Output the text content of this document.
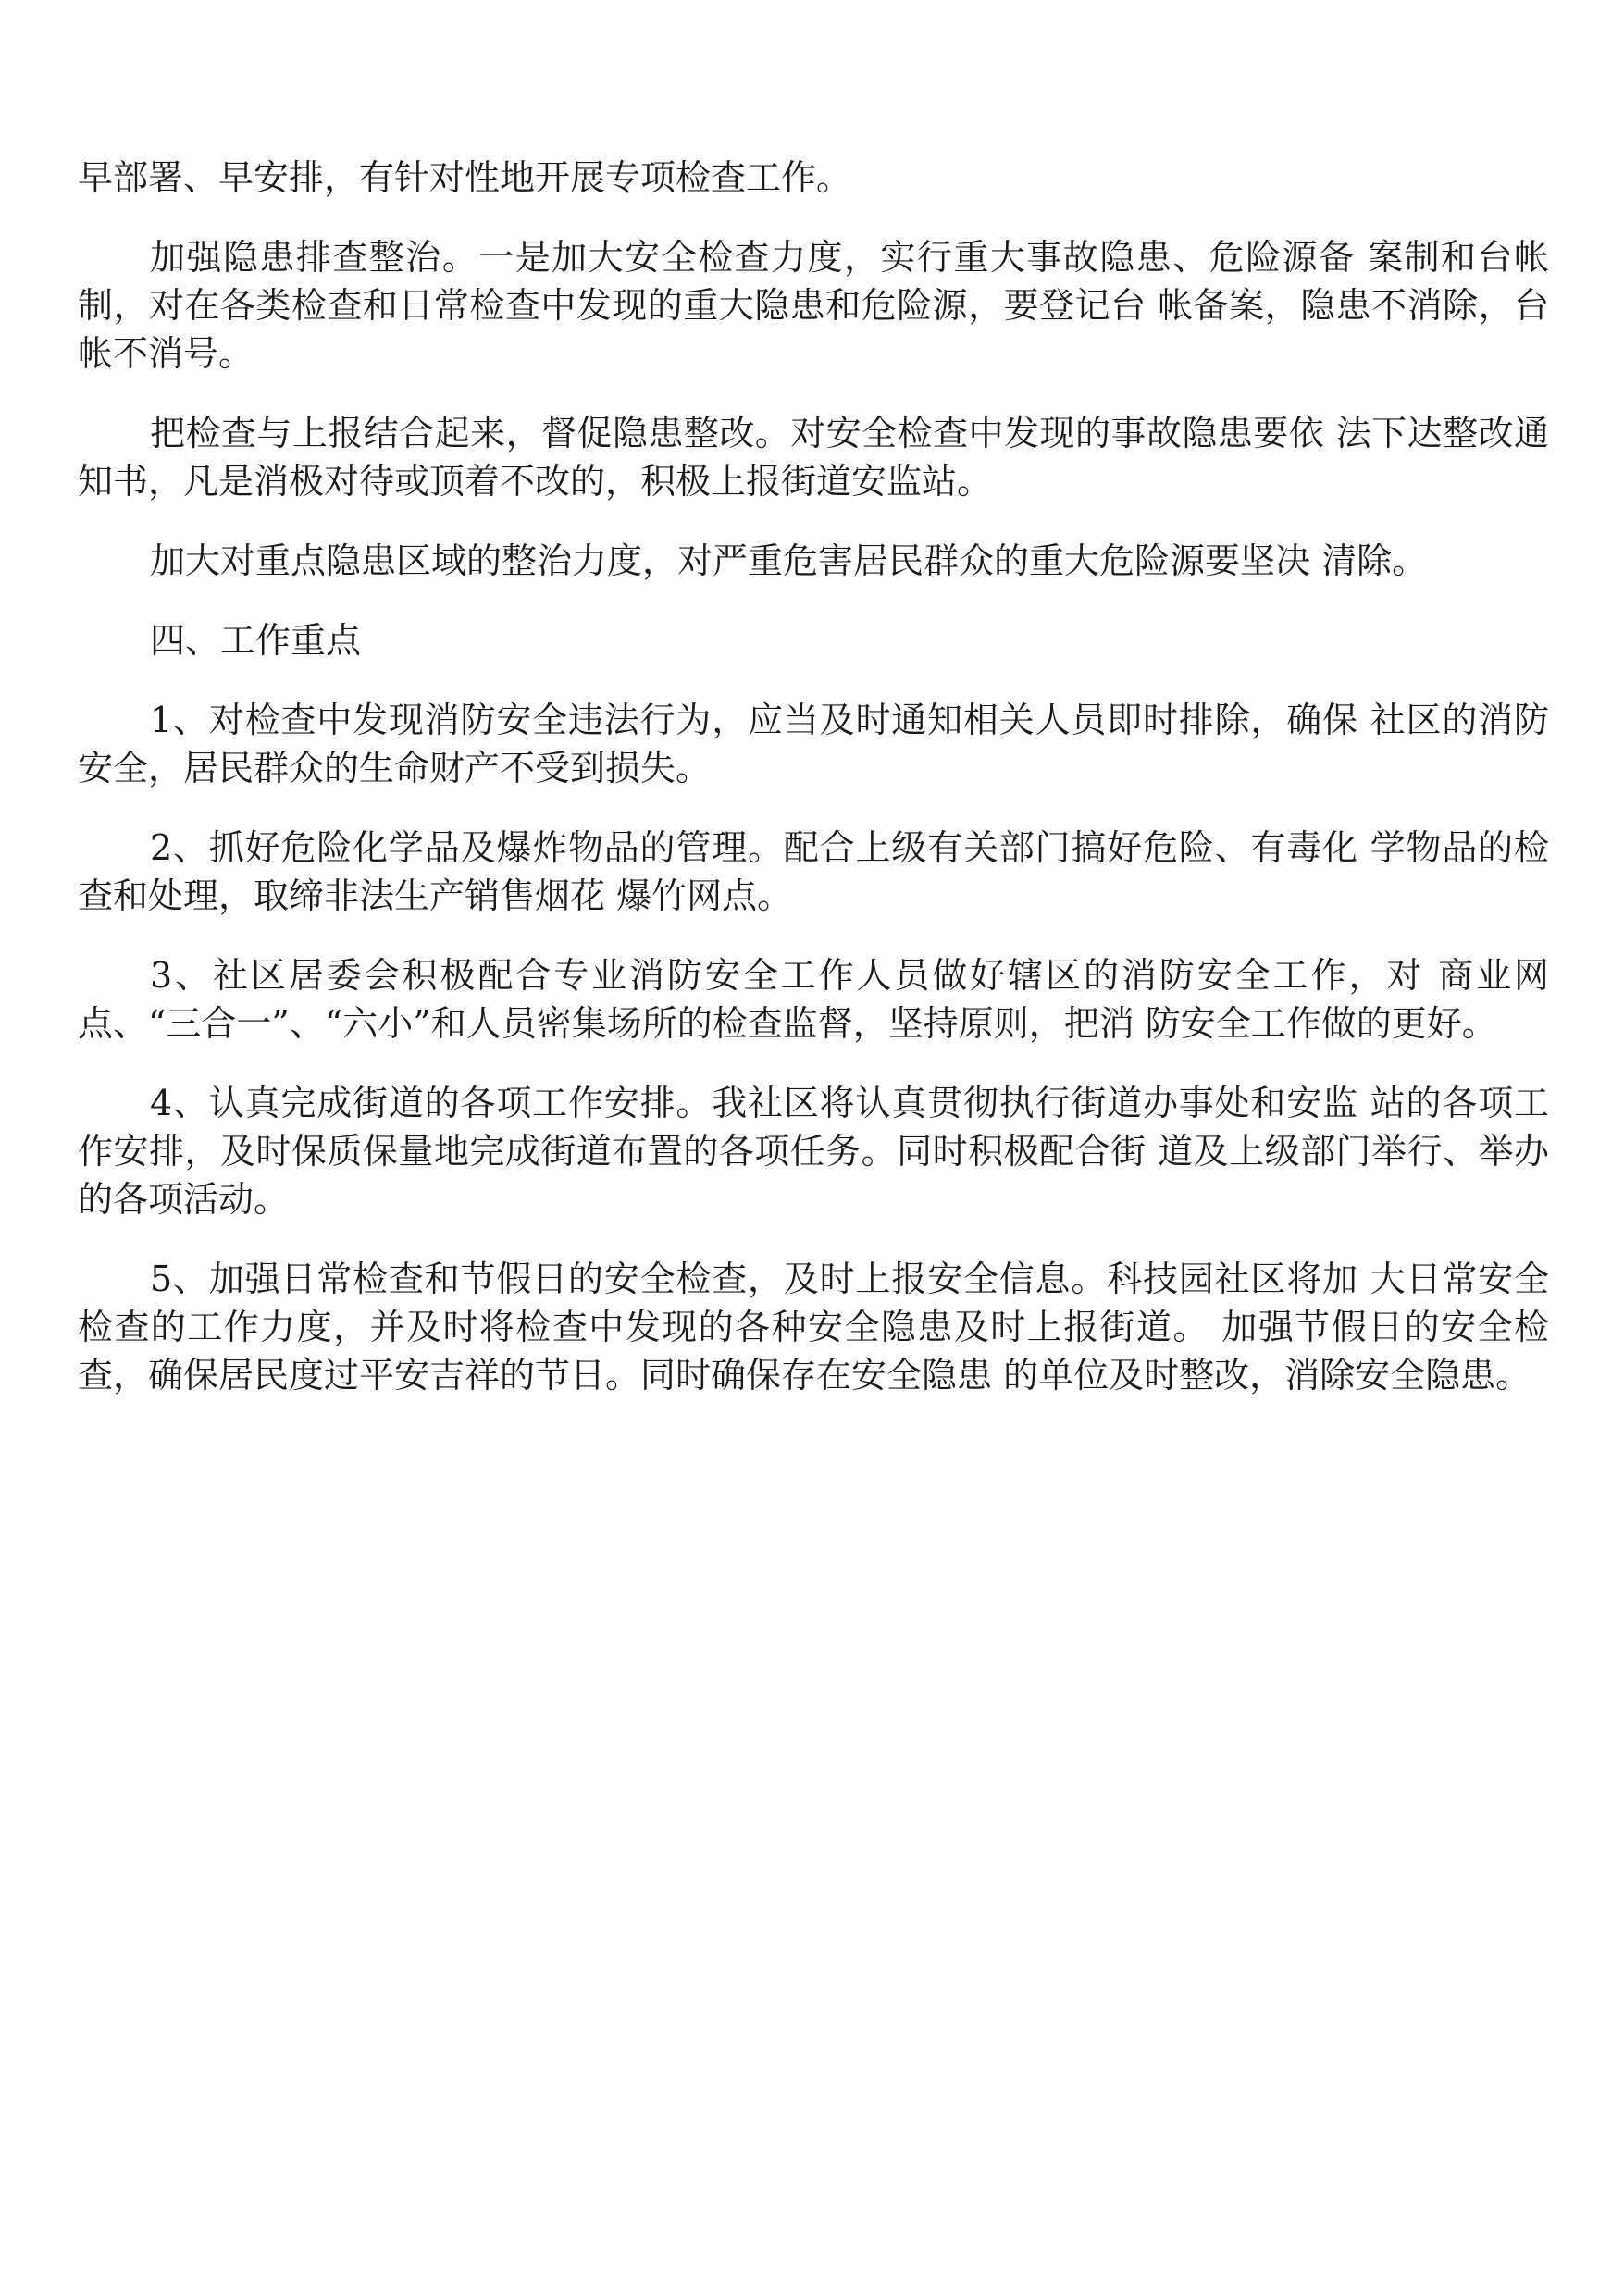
早部署、早安排，有针对性地开展专项检查工作。

加强隐患排查整治。一是加大安全检查力度，实行重大事故隐患、危险源备 案制和台帐制，对在各类检查和日常检查中发现的重大隐患和危险源，要登记台 帐备案，隐患不消除，台帐不消号。

把检查与上报结合起来，督促隐患整改。对安全检查中发现的事故隐患要依 法下达整改通知书，凡是消极对待或顶着不改的，积极上报街道安监站。

加大对重点隐患区域的整治力度，对严重危害居民群众的重大危险源要坚决 清除。

四、工作重点

1、对检查中发现消防安全违法行为，应当及时通知相关人员即时排除，确保 社区的消防安全，居民群众的生命财产不受到损失。

2、抓好危险化学品及爆炸物品的管理。配合上级有关部门搞好危险、有毒化 学物品的检查和处理，取缔非法生产销售烟花 爆竹网点。

3、社区居委会积极配合专业消防安全工作人员做好辖区的消防安全工作，对 商业网点、“三合一”、“六小”和人员密集场所的检查监督，坚持原则，把消 防安全工作做的更好。

4、认真完成街道的各项工作安排。我社区将认真贯彻执行街道办事处和安监 站的各项工作安排，及时保质保量地完成街道布置的各项任务。同时积极配合街 道及上级部门举行、举办的各项活动。

5、加强日常检查和节假日的安全检查，及时上报安全信息。科技园社区将加 大日常安全检查的工作力度，并及时将检查中发现的各种安全隐患及时上报街道。 加强节假日的安全检查，确保居民度过平安吉祥的节日。同时确保存在安全隐患 的单位及时整改，消除安全隐患。
